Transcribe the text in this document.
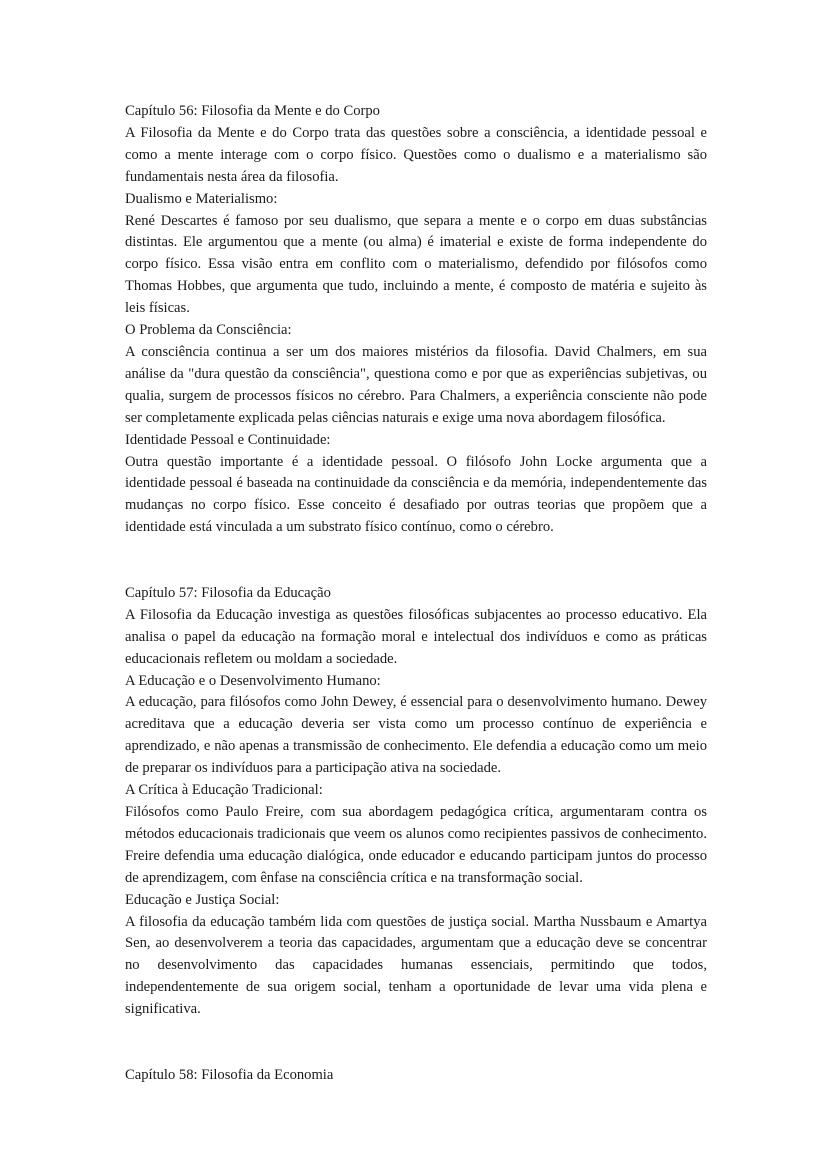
Capítulo 56: Filosofia da Mente e do Corpo

A Filosofia da Mente e do Corpo trata das questões sobre a consciência, a identidade pessoal e como a mente interage com o corpo físico. Questões como o dualismo e a materialismo são fundamentais nesta área da filosofia.

Dualismo e Materialismo:

René Descartes é famoso por seu dualismo, que separa a mente e o corpo em duas substâncias distintas. Ele argumentou que a mente (ou alma) é imaterial e existe de forma independente do corpo físico. Essa visão entra em conflito com o materialismo, defendido por filósofos como Thomas Hobbes, que argumenta que tudo, incluindo a mente, é composto de matéria e sujeito às leis físicas.

O Problema da Consciência:

A consciência continua a ser um dos maiores mistérios da filosofia. David Chalmers, em sua análise da "dura questão da consciência", questiona como e por que as experiências subjetivas, ou qualia, surgem de processos físicos no cérebro. Para Chalmers, a experiência consciente não pode ser completamente explicada pelas ciências naturais e exige uma nova abordagem filosófica.

Identidade Pessoal e Continuidade:

Outra questão importante é a identidade pessoal. O filósofo John Locke argumenta que a identidade pessoal é baseada na continuidade da consciência e da memória, independentemente das mudanças no corpo físico. Esse conceito é desafiado por outras teorias que propõem que a identidade está vinculada a um substrato físico contínuo, como o cérebro.

Capítulo 57: Filosofia da Educação

A Filosofia da Educação investiga as questões filosóficas subjacentes ao processo educativo. Ela analisa o papel da educação na formação moral e intelectual dos indivíduos e como as práticas educacionais refletem ou moldam a sociedade.

A Educação e o Desenvolvimento Humano:

A educação, para filósofos como John Dewey, é essencial para o desenvolvimento humano. Dewey acreditava que a educação deveria ser vista como um processo contínuo de experiência e aprendizado, e não apenas a transmissão de conhecimento. Ele defendia a educação como um meio de preparar os indivíduos para a participação ativa na sociedade.

A Crítica à Educação Tradicional:

Filósofos como Paulo Freire, com sua abordagem pedagógica crítica, argumentaram contra os métodos educacionais tradicionais que veem os alunos como recipientes passivos de conhecimento. Freire defendia uma educação dialógica, onde educador e educando participam juntos do processo de aprendizagem, com ênfase na consciência crítica e na transformação social.

Educação e Justiça Social:

A filosofia da educação também lida com questões de justiça social. Martha Nussbaum e Amartya Sen, ao desenvolverem a teoria das capacidades, argumentam que a educação deve se concentrar no desenvolvimento das capacidades humanas essenciais, permitindo que todos, independentemente de sua origem social, tenham a oportunidade de levar uma vida plena e significativa.

Capítulo 58: Filosofia da Economia
